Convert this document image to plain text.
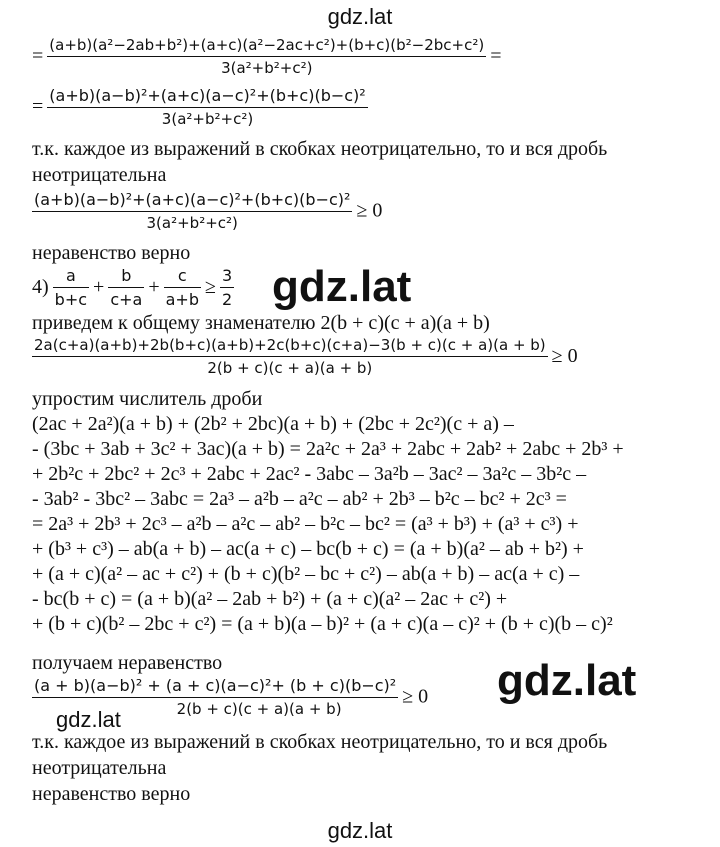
gdz.lat
gdz.lat
gdz.lat
gdz.lat
gdz.lat
= $\frac{\text{(a+b)(a²−2ab+b²)+(a+c)(a²−2ac+c²)+(b+c)(b²−2bc+c²)}}{\text{3(a²+b²+c²)}}$ =
= $\frac{\text{(a+b)(a−b)²+(a+c)(a−c)²+(b+c)(b−c)²}}{\text{3(a²+b²+c²)}}$
т.к. каждое из выражений в скобках неотрицательно, то и вся дробь
неотрицательна
$\frac{\text{(a+b)(a−b)²+(a+c)(a−c)²+(b+c)(b−c)²}}{\text{3(a²+b²+c²)}} \ge 0$
неравенство верно
$4) \frac{a}{b+c} + \frac{b}{c+a} + \frac{c}{a+b} \ge \frac{3}{2}$
приведем к общему знаменателю 2(b + c)(c + a)(a + b)
2a(c+a)(a+b)+2b(b+c)(a+b)+2c(b+c)(c+a)−3(b + c)(c + a)(a + b)
2(b + c)(c + a)(a + b)
≥ 0
упростим числитель дроби
(2ac + 2a²)(a + b) + (2b² + 2bc)(a + b) + (2bc + 2c²)(c + a) –
- (3bc + 3ab + 3c² + 3ac)(a + b) = 2a²c + 2a³ + 2abc + 2ab² + 2abc + 2b³ +
+ 2b²c + 2bc² + 2c³ + 2abc + 2ac² - 3abc – 3a²b – 3ac² – 3a²c – 3b²c –
- 3ab² - 3bc² – 3abc = 2a³ – a²b – a²c – ab² + 2b³ – b²c – bc² + 2c³ =
= 2a³ + 2b³ + 2c³ – a²b – a²c – ab² – b²c – bc² = (a³ + b³) + (a³ + c³) +
+ (b³ + c³) – ab(a + b) – ac(a + c) – bc(b + c) = (a + b)(a² – ab + b²) +
+ (a + c)(a² – ac + c²) + (b + c)(b² – bc + c²) – ab(a + b) – ac(a + c) –
- bc(b + c) = (a + b)(a² – 2ab + b²) + (a + c)(a² – 2ac + c²) +
+ (b + c)(b² – 2bc + c²) = (a + b)(a – b)² + (a + c)(a – c)² + (b + c)(b – c)²
получаем неравенство
$\frac{\text{(a + b)(a−b)² + (a + c)(a−c)²+ (b + c)(b−c)²}}{2(b + c)(c + a)(a + b)} \ge 0$
т.к. каждое из выражений в скобках неотрицательно, то и вся дробь
неотрицательна
неравенство верно
